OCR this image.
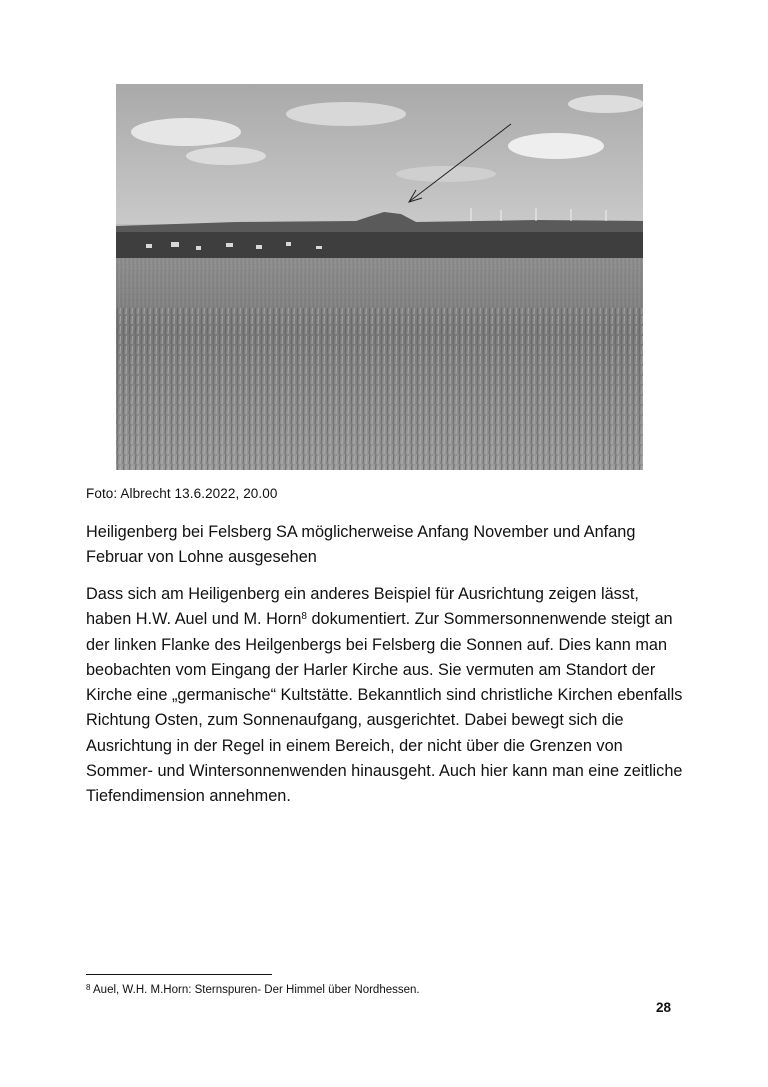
Foto: Albrecht 13.6.2022, 20.00
Heiligenberg bei Felsberg SA möglicherweise Anfang November und Anfang Februar von Lohne ausgesehen
Dass sich am Heiligenberg ein anderes Beispiel für Ausrichtung zeigen lässt, haben H.W. Auel und M. Horn$^8$ dokumentiert. Zur Sommersonnenwende steigt an der linken Flanke des Heilgenbergs bei Felsberg die Sonnen auf. Dies kann man beobachten vom Eingang der Harler Kirche aus. Sie vermuten am Standort der Kirche eine „germanische“ Kultstätte. Bekanntlich sind christliche Kirchen ebenfalls Richtung Osten, zum Sonnenaufgang, ausgerichtet. Dabei bewegt sich die Ausrichtung in der Regel in einem Bereich, der nicht über die Grenzen von Sommer- und Wintersonnenwenden hinausgeht. Auch hier kann man eine zeitliche Tiefendimension annehmen.
$^8$ Auel, W.H. M.Horn: Sternspuren- Der Himmel über Nordhessen.
28
